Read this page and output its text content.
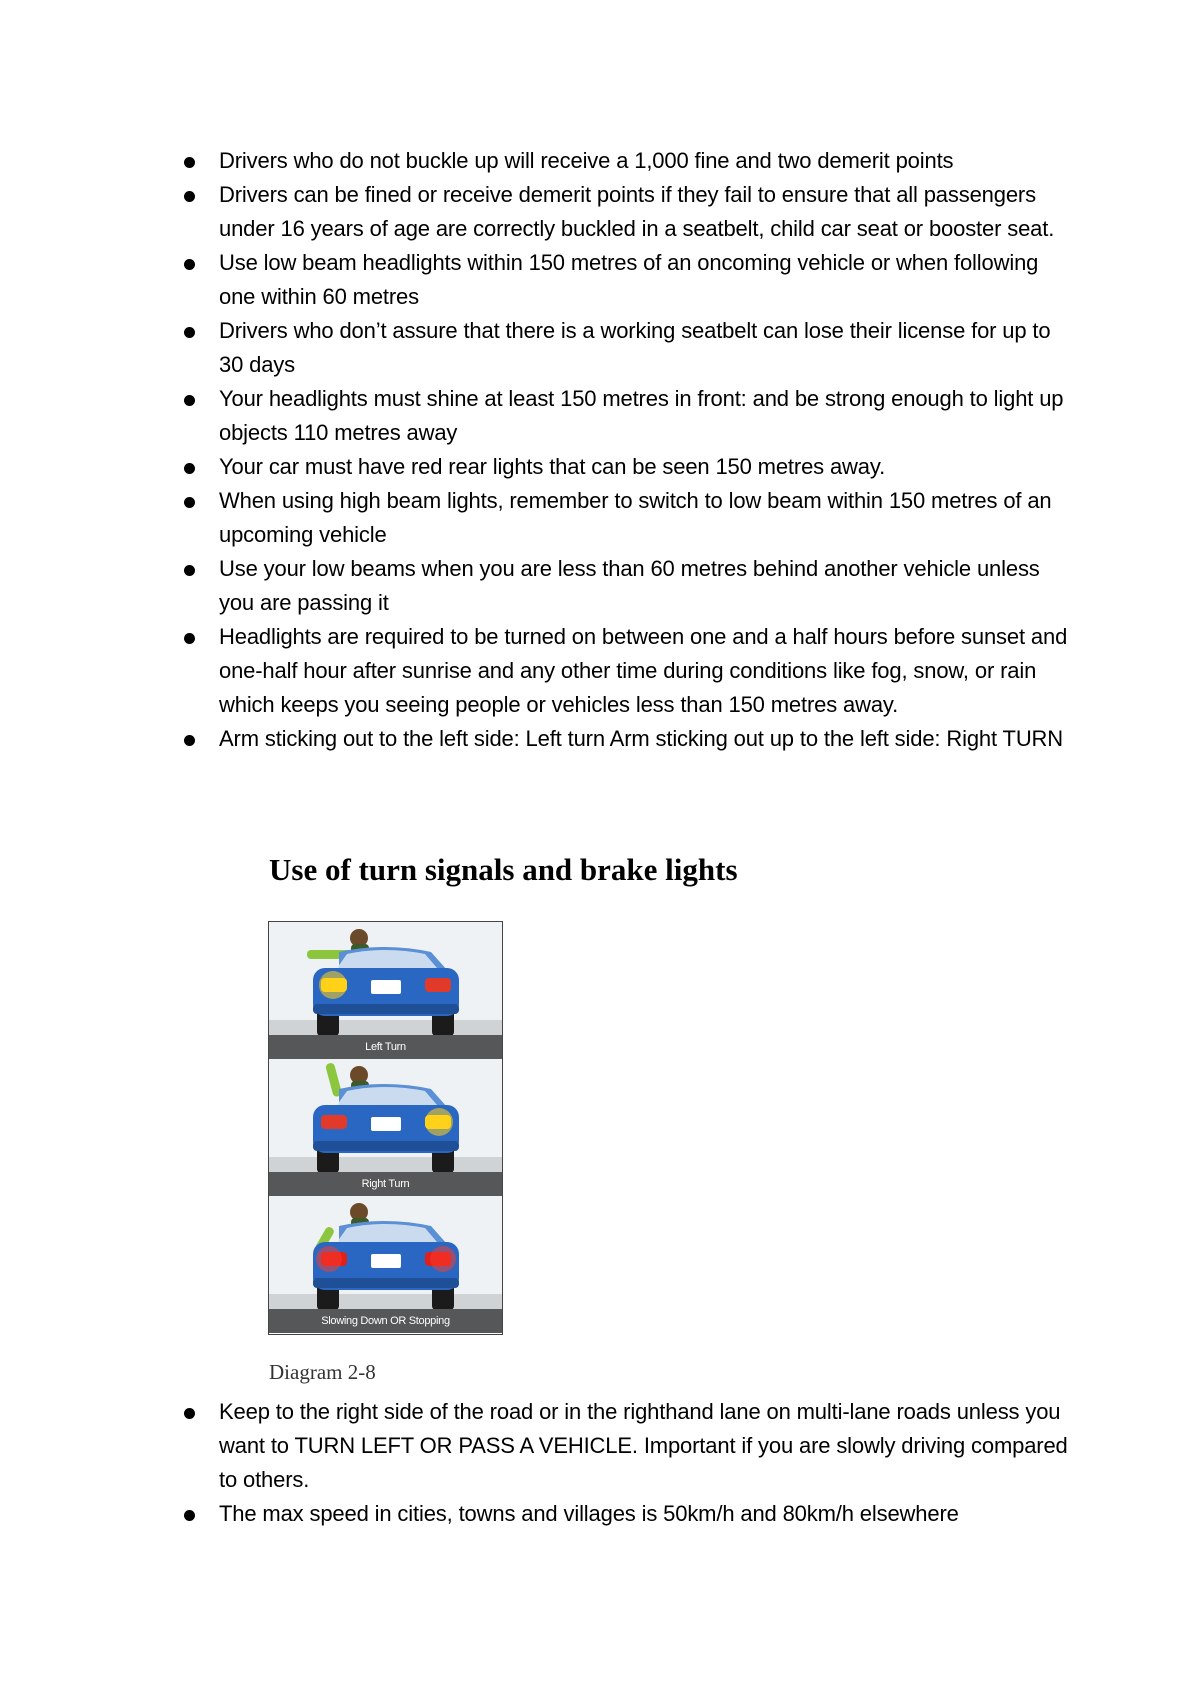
Drivers who do not buckle up will receive a 1,000 fine and two demerit points
Drivers can be fined or receive demerit points if they fail to ensure that all passengers under 16 years of age are correctly buckled in a seatbelt, child car seat or booster seat.
Use low beam headlights within 150 metres of an oncoming vehicle or when following one within 60 metres
Drivers who don’t assure that there is a working seatbelt can lose their license for up to 30 days
Your headlights must shine at least 150 metres in front: and be strong enough to light up objects 110 metres away
Your car must have red rear lights that can be seen 150 metres away.
When using high beam lights, remember to switch to low beam within 150 metres of an upcoming vehicle
Use your low beams when you are less than 60 metres behind another vehicle unless you are passing it
Headlights are required to be turned on between one and a half hours before sunset and one-half hour after sunrise and any other time during conditions like fog, snow, or rain which keeps you seeing people or vehicles less than 150 metres away.
Arm sticking out to the left side: Left turn Arm sticking out up to the left side: Right TURN
Use of turn signals and brake lights
Left Turn
Right Turn
Slowing Down OR Stopping

Diagram 2-8

Keep to the right side of the road or in the righthand lane on multi-lane roads unless you want to TURN LEFT OR PASS A VEHICLE. Important if you are slowly driving compared to others.
The max speed in cities, towns and villages is 50km/h and 80km/h elsewhere
